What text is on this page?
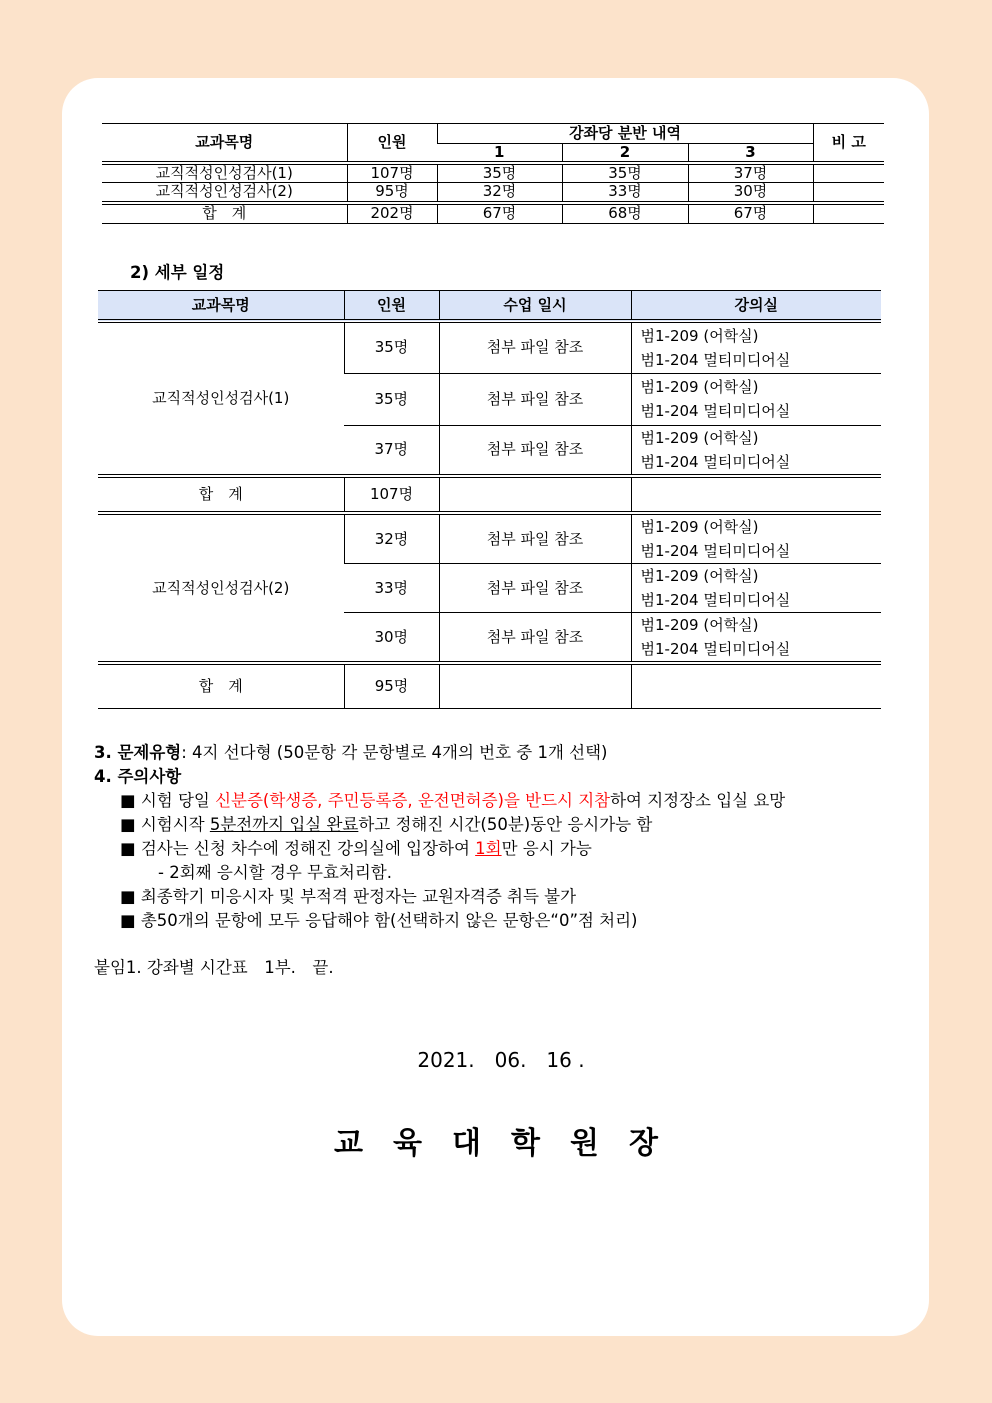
교과목명	인원	강좌당 분반 내역			비 고
		1	2	3	
교직적성인성검사(1)	107명	35명	35명	37명	
교직적성인성검사(2)	95명	32명	33명	30명	
합　계	202명	67명	68명	67명	
2) 세부 일정
교과목명	인원	수업 일시	강의실
교직적성인성검사(1)	35명	첨부 파일 참조	범1-209 (어학실)
범1-204 멀티미디어실

	35명	첨부 파일 참조	범1-209 (어학실)
범1-204 멀티미디어실

	37명	첨부 파일 참조	범1-209 (어학실)
범1-204 멀티미디어실

합　계	107명		
교직적성인성검사(2)	32명	첨부 파일 참조	범1-209 (어학실)
범1-204 멀티미디어실

	33명	첨부 파일 참조	범1-209 (어학실)
범1-204 멀티미디어실

	30명	첨부 파일 참조	범1-209 (어학실)
범1-204 멀티미디어실

합　계	95명		
3. 문제유형: 4지 선다형 (50문항 각 문항별로 4개의 번호 중 1개 선택)
4. 주의사항
■ 시험 당일 신분증(학생증, 주민등록증, 운전면허증)을 반드시 지참하여 지정장소 입실 요망
■ 시험시작 5분전까지 입실 완료하고 정해진 시간(50분)동안 응시가능 함
■ 검사는 신청 차수에 정해진 강의실에 입장하여 1회만 응시 가능
- 2회째 응시할 경우 무효처리함.
■ 최종학기 미응시자 및 부적격 판정자는 교원자격증 취득 불가
■ 총50개의 문항에 모두 응답해야 함(선택하지 않은 문항은“0”점 처리)
붙임1. 강좌별 시간표　1부.　끝.
2021.　06.　16 .
교　육　대　학　원　장
